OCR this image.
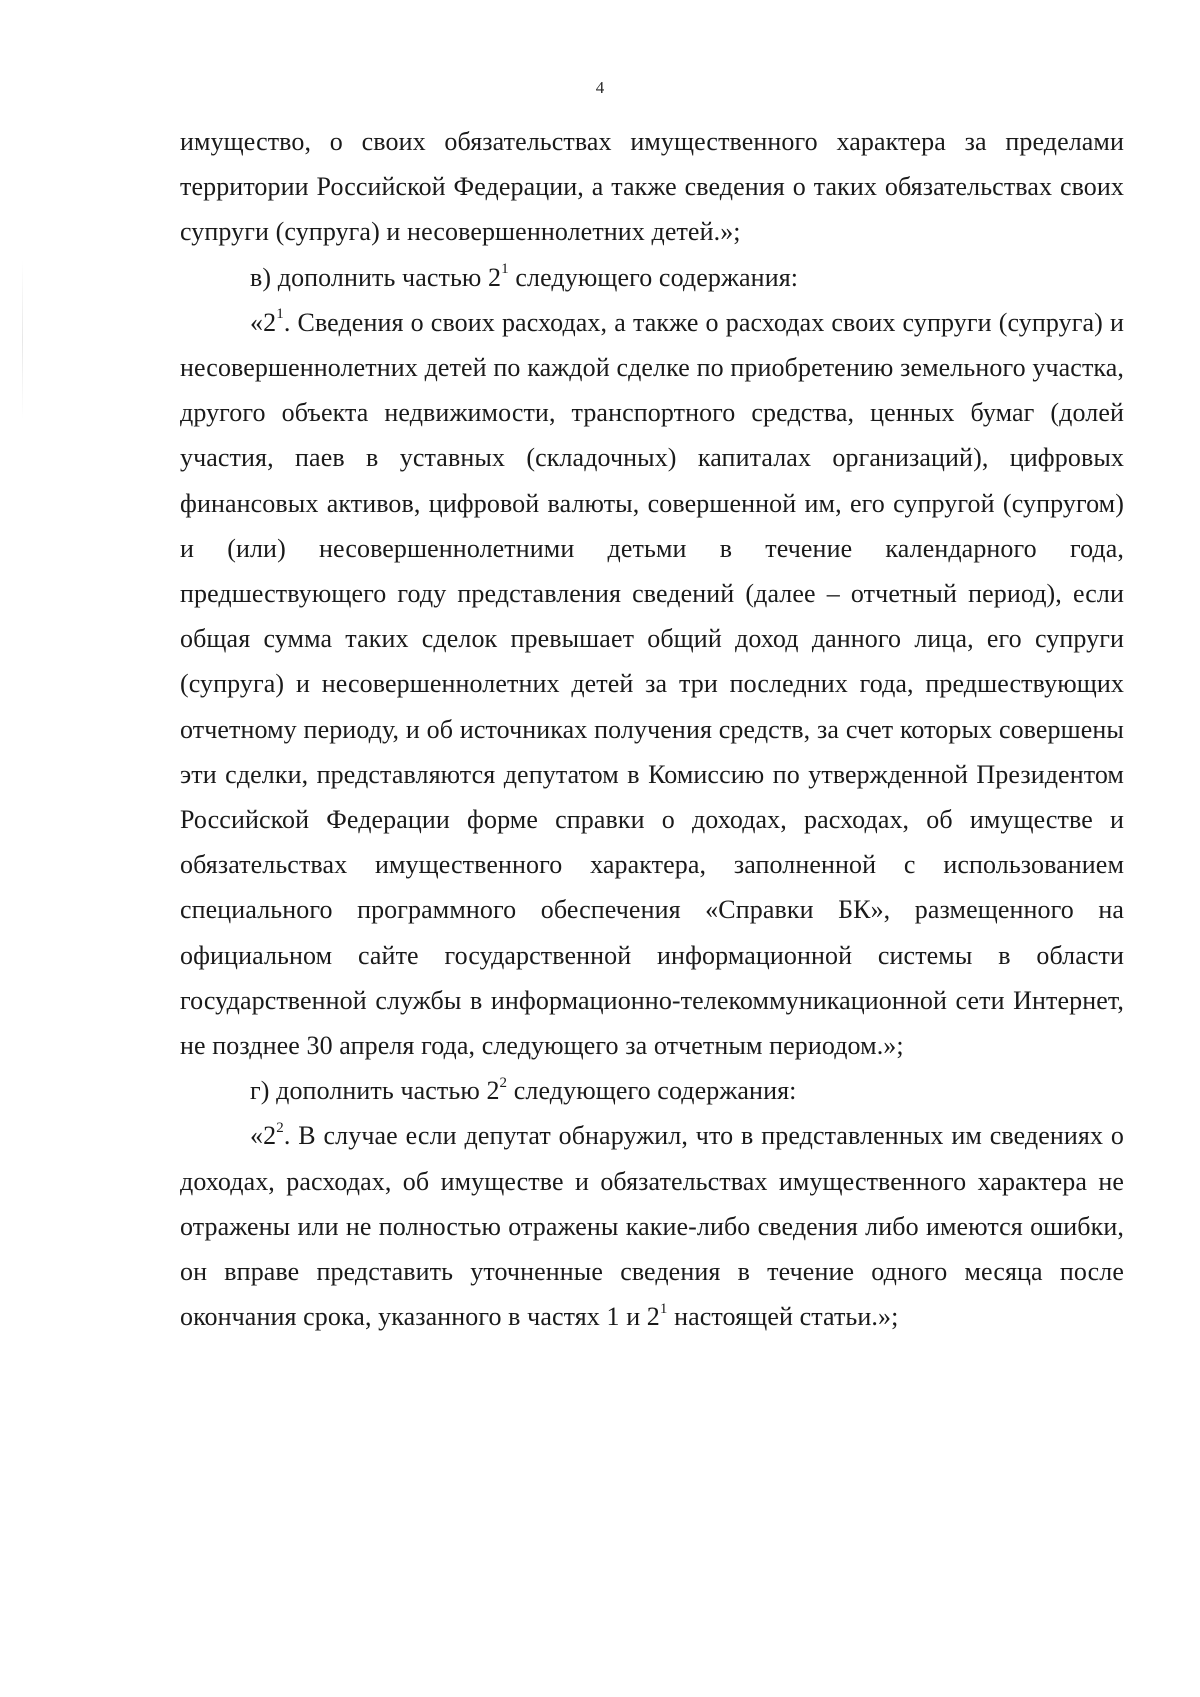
4

имущество, о своих обязательствах имущественного характера за пределами территории Российской Федерации, а также сведения о таких обязательствах своих супруги (супруга) и несовершеннолетних детей.»;

в) дополнить частью $2^1$ следующего содержания:

«$2^1$. Сведения о своих расходах, а также о расходах своих супруги (супруга) и несовершеннолетних детей по каждой сделке по приобретению земельного участка, другого объекта недвижимости, транспортного средства, ценных бумаг (долей участия, паев в уставных (складочных) капиталах организаций), цифровых финансовых активов, цифровой валюты, совершенной им, его супругой (супругом) и (или) несовершеннолетними детьми в течение календарного года, предшествующего году представления сведений (далее – отчетный период), если общая сумма таких сделок превышает общий доход данного лица, его супруги (супруга) и несовершеннолетних детей за три последних года, предшествующих отчетному периоду, и об источниках получения средств, за счет которых совершены эти сделки, представляются депутатом в Комиссию по утвержденной Президентом Российской Федерации форме справки о доходах, расходах, об имуществе и обязательствах имущественного характера, заполненной с использованием специального программного обеспечения «Справки БК», размещенного на официальном сайте государственной информационной системы в области государственной службы в информационно-телекоммуникационной сети Интернет, не позднее 30 апреля года, следующего за отчетным периодом.»;

г) дополнить частью $2^2$ следующего содержания:

«$2^2$. В случае если депутат обнаружил, что в представленных им сведениях о доходах, расходах, об имуществе и обязательствах имущественного характера не отражены или не полностью отражены какие-либо сведения либо имеются ошибки, он вправе представить уточненные сведения в течение одного месяца после окончания срока, указанного в частях 1 и $2^1$ настоящей статьи.»;
